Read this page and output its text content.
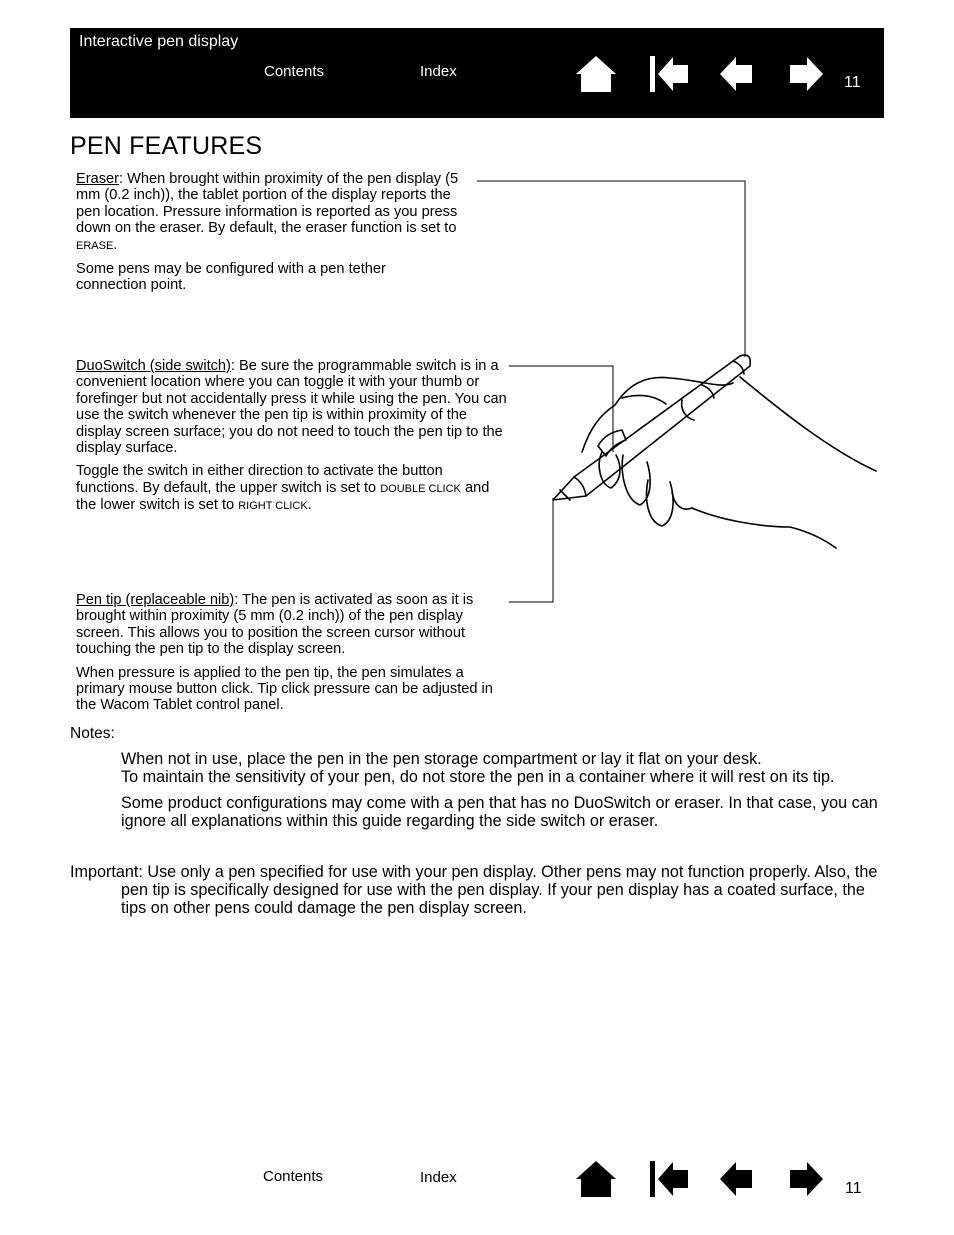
Interactive pen display
Contents	Index
11
PEN FEATURES

Eraser: When brought within proximity of the pen display (5 mm (0.2 inch)), the tablet portion of the display reports the pen location. Pressure information is reported as you press down on the eraser. By default, the eraser function is set to ERASE.

Some pens may be configured with a pen tether connection point.

DuoSwitch (side switch): Be sure the programmable switch is in a convenient location where you can toggle it with your thumb or forefinger but not accidentally press it while using the pen. You can use the switch whenever the pen tip is within proximity of the display screen surface; you do not need to touch the pen tip to the display surface.

Toggle the switch in either direction to activate the button functions. By default, the upper switch is set to DOUBLE CLICK and the lower switch is set to RIGHT CLICK.

Pen tip (replaceable nib): The pen is activated as soon as it is brought within proximity (5 mm (0.2 inch)) of the pen display screen. This allows you to position the screen cursor without touching the pen tip to the display screen.

When pressure is applied to the pen tip, the pen simulates a primary mouse button click. Tip click pressure can be adjusted in the Wacom Tablet control panel.

Notes:

When not in use, place the pen in the pen storage compartment or lay it flat on your desk.
To maintain the sensitivity of your pen, do not store the pen in a container where it will rest on its tip.

Some product configurations may come with a pen that has no DuoSwitch or eraser. In that case, you can ignore all explanations within this guide regarding the side switch or eraser.

Important: Use only a pen specified for use with your pen display. Other pens may not function properly. Also, the pen tip is specifically designed for use with the pen display. If your pen display has a coated surface, the tips on other pens could damage the pen display screen.
Contents	Index
11
